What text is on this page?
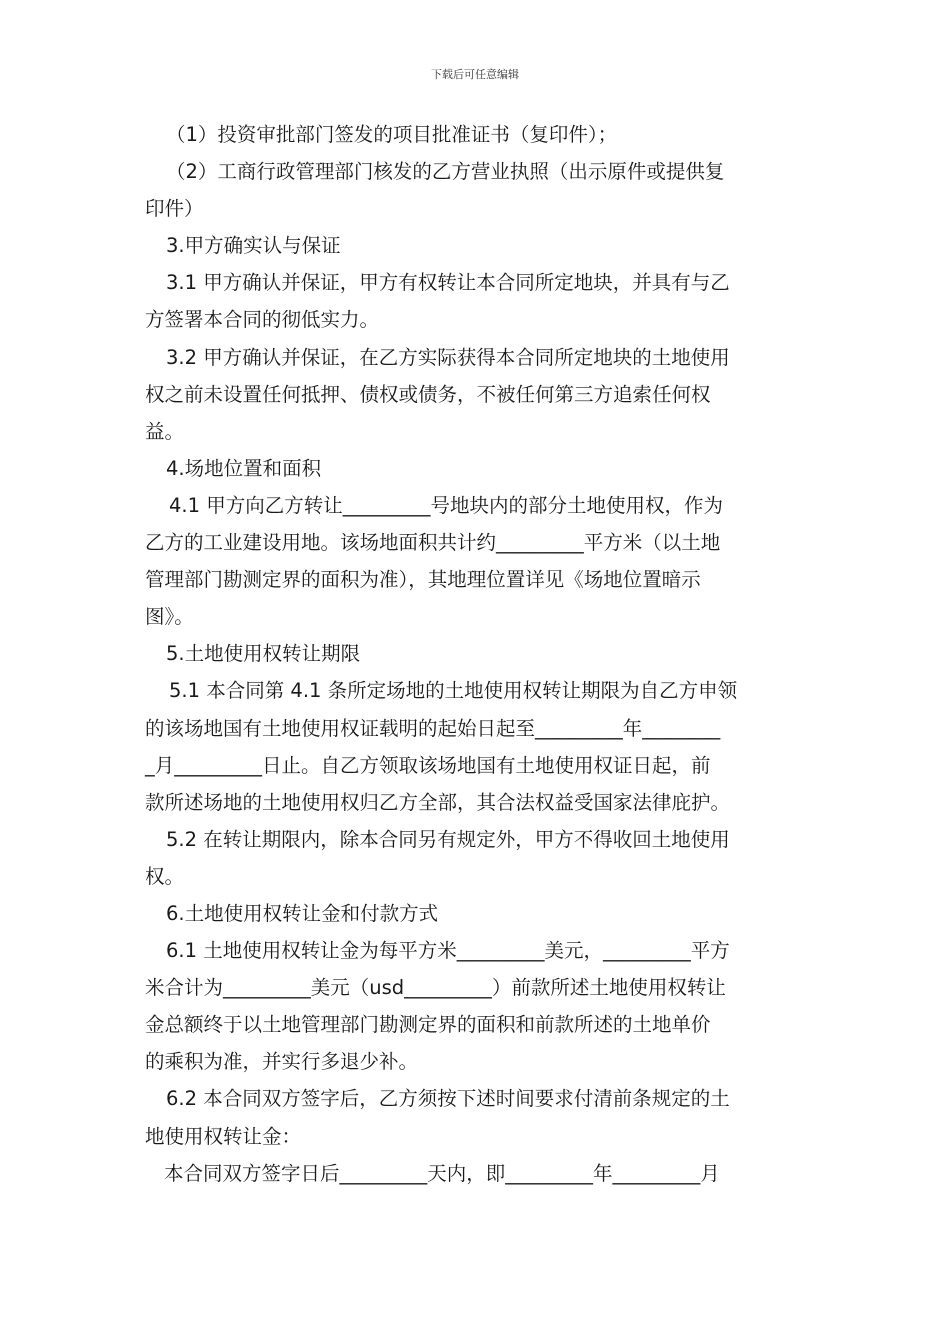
下载后可任意编辑

（1）投资审批部门签发的项目批准证书（复印件）；

（2）工商行政管理部门核发的乙方营业执照（出示原件或提供复

印件）

3.甲方确实认与保证

3.1 甲方确认并保证，甲方有权转让本合同所定地块，并具有与乙

方签署本合同的彻低实力。

3.2 甲方确认并保证，在乙方实际获得本合同所定地块的土地使用

权之前未设置任何抵押、债权或债务，不被任何第三方追索任何权

益。

4.场地位置和面积

4.1 甲方向乙方转让_________号地块内的部分土地使用权，作为

乙方的工业建设用地。该场地面积共计约_________平方米（以土地

管理部门勘测定界的面积为准），其地理位置详见《场地位置暗示

图》。

5.土地使用权转让期限

5.1 本合同第 4.1 条所定场地的土地使用权转让期限为自乙方申领

的该场地国有土地使用权证载明的起始日起至_________年________

_月_________日止。自乙方领取该场地国有土地使用权证日起，前

款所述场地的土地使用权归乙方全部，其合法权益受国家法律庇护。

5.2 在转让期限内，除本合同另有规定外，甲方不得收回土地使用

权。

6.土地使用权转让金和付款方式

6.1 土地使用权转让金为每平方米_________美元，_________平方

米合计为_________美元（usd_________）前款所述土地使用权转让

金总额终于以土地管理部门勘测定界的面积和前款所述的土地单价

的乘积为准，并实行多退少补。

6.2 本合同双方签字后，乙方须按下述时间要求付清前条规定的土

地使用权转让金：

本合同双方签字日后_________天内，即_________年_________月
